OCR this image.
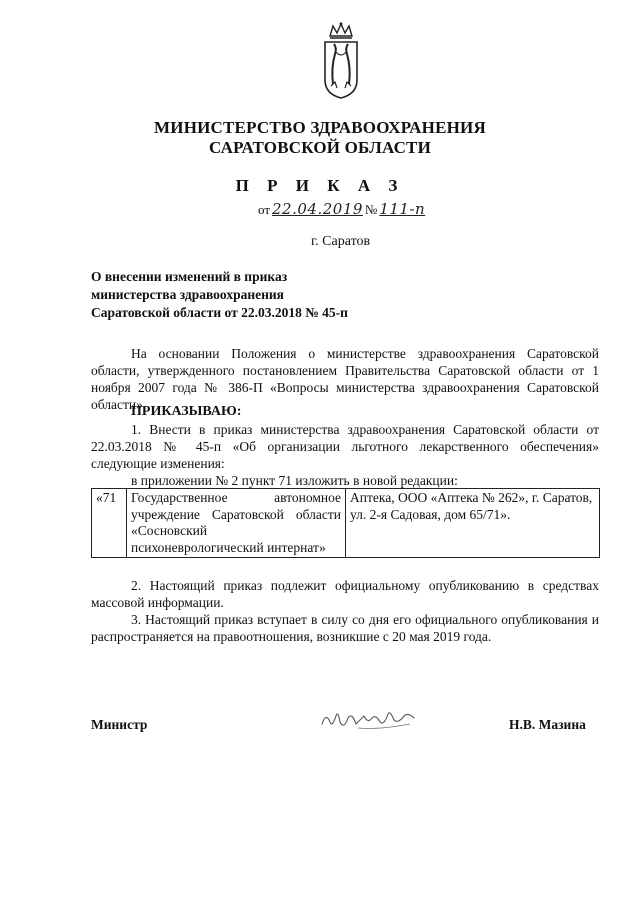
МИНИСТЕРСТВО ЗДРАВООХРАНЕНИЯ
САРАТОВСКОЙ ОБЛАСТИ
П Р И К А З
от 22.04.2019 № 111-п
г. Саратов
О внесении изменений в приказ
министерства здравоохранения
Саратовской области от 22.03.2018 № 45-п
На основании Положения о министерстве здравоохранения Саратовской области, утвержденного постановлением Правительства Саратовской области от 1 ноября 2007 года № 386-П «Вопросы министерства здравоохранения Саратовской области»,
ПРИКАЗЫВАЮ:
1. Внести в приказ министерства здравоохранения Саратовской области от 22.03.2018 № 45-п «Об организации льготного лекарственного обеспечения» следующие изменения:
в приложении № 2 пункт 71 изложить в новой редакции:
«71	Государственное автономное учреждение Саратовской области «Сосновский психоневрологический интернат»	Аптека, ООО «Аптека № 262», г. Саратов, ул. 2-я Садовая, дом 65/71».
2. Настоящий приказ подлежит официальному опубликованию в средствах массовой информации.
3. Настоящий приказ вступает в силу со дня его официального опубликования и распространяется на правоотношения, возникшие с 20 мая 2019 года.
Министр	Н.В. Мазина
